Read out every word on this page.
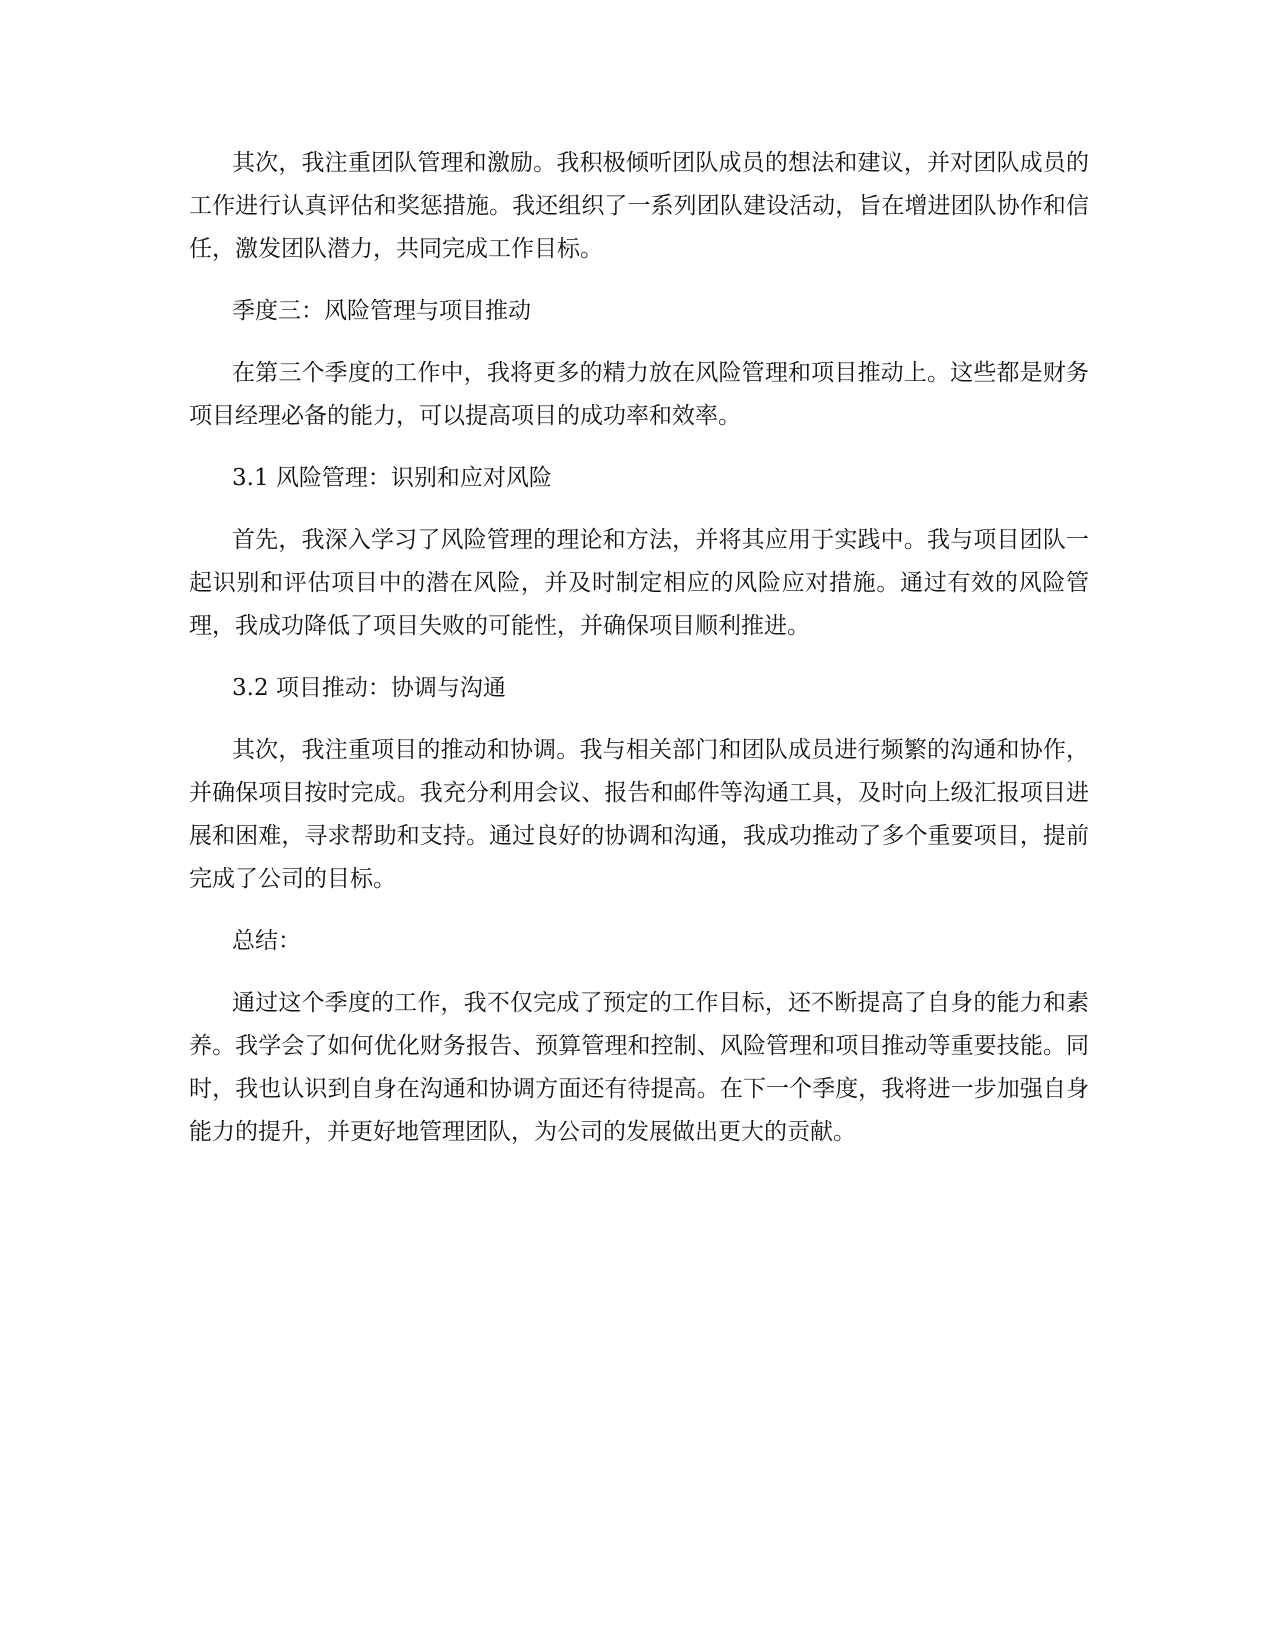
其次，我注重团队管理和激励。我积极倾听团队成员的想法和建议，并对团队成员的工作进行认真评估和奖惩措施。我还组织了一系列团队建设活动，旨在增进团队协作和信任，激发团队潜力，共同完成工作目标。

季度三：风险管理与项目推动

在第三个季度的工作中，我将更多的精力放在风险管理和项目推动上。这些都是财务项目经理必备的能力，可以提高项目的成功率和效率。

3.1 风险管理：识别和应对风险

首先，我深入学习了风险管理的理论和方法，并将其应用于实践中。我与项目团队一起识别和评估项目中的潜在风险，并及时制定相应的风险应对措施。通过有效的风险管理，我成功降低了项目失败的可能性，并确保项目顺利推进。

3.2 项目推动：协调与沟通

其次，我注重项目的推动和协调。我与相关部门和团队成员进行频繁的沟通和协作，并确保项目按时完成。我充分利用会议、报告和邮件等沟通工具，及时向上级汇报项目进展和困难，寻求帮助和支持。通过良好的协调和沟通，我成功推动了多个重要项目，提前完成了公司的目标。

总结：

通过这个季度的工作，我不仅完成了预定的工作目标，还不断提高了自身的能力和素养。我学会了如何优化财务报告、预算管理和控制、风险管理和项目推动等重要技能。同时，我也认识到自身在沟通和协调方面还有待提高。在下一个季度，我将进一步加强自身能力的提升，并更好地管理团队，为公司的发展做出更大的贡献。
